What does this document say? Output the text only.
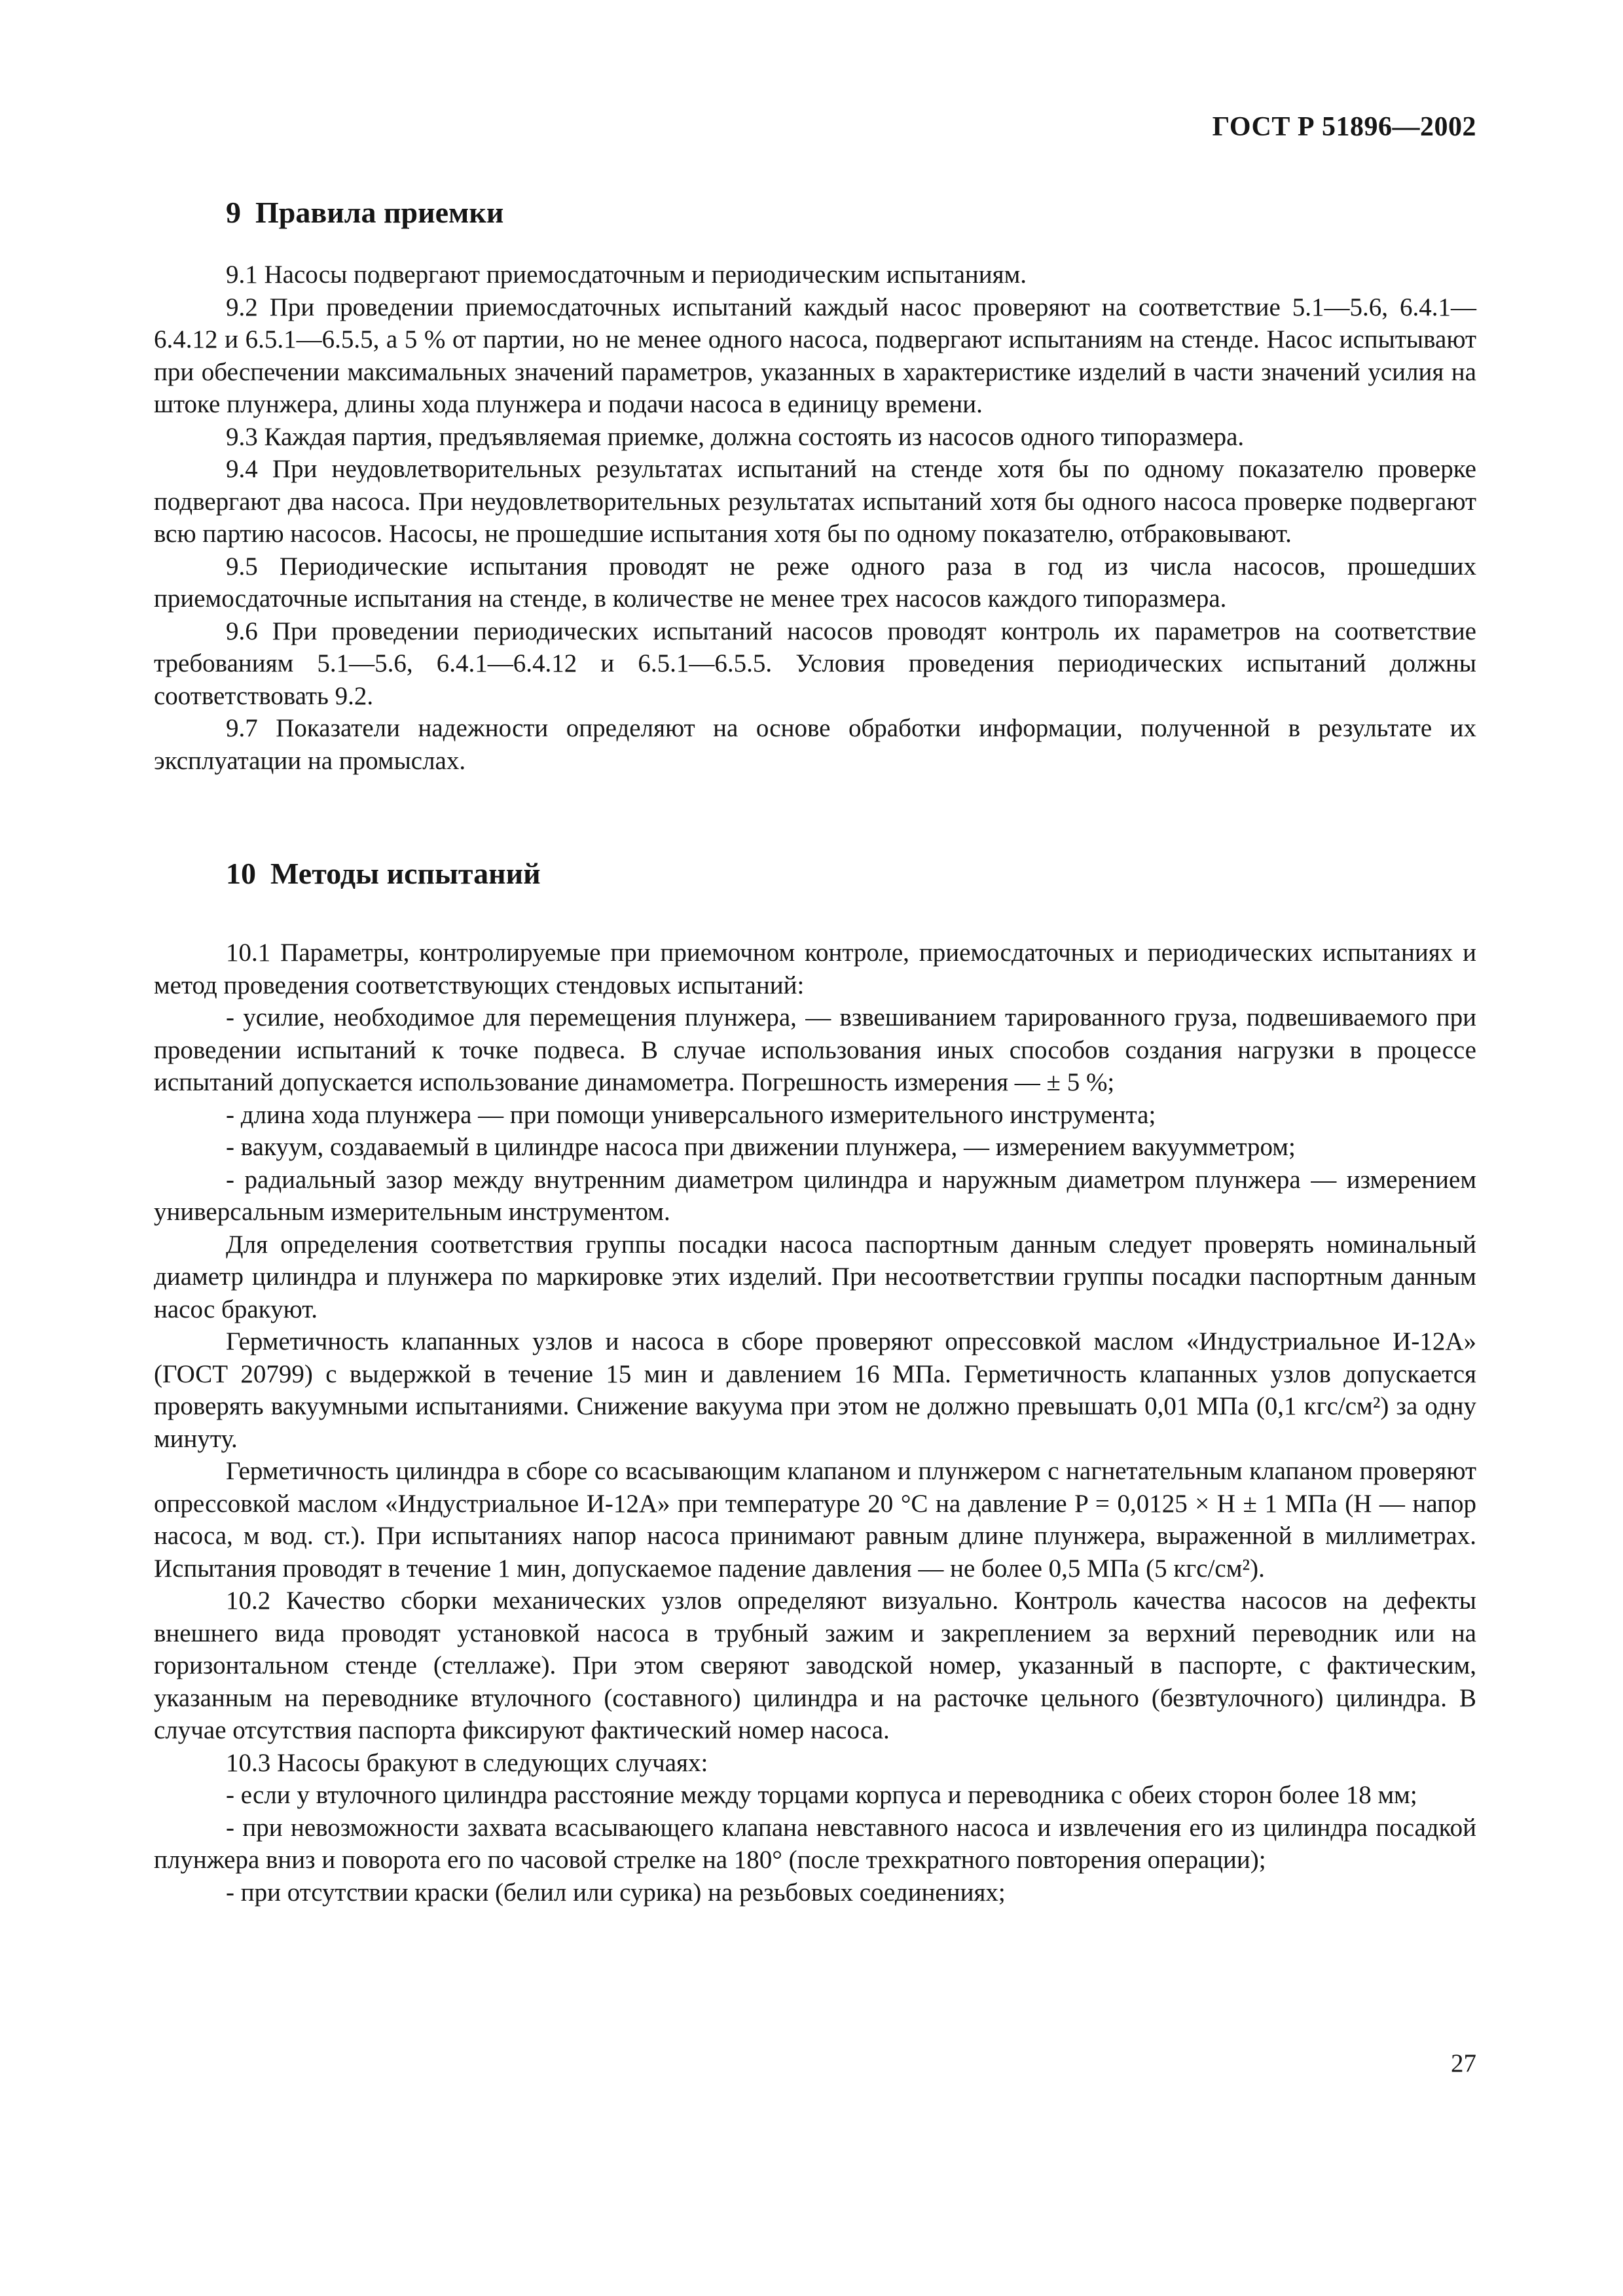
ГОСТ Р 51896—2002
9 Правила приемки

9.1 Насосы подвергают приемосдаточным и периодическим испытаниям.

9.2 При проведении приемосдаточных испытаний каждый насос проверяют на соответствие 5.1—5.6, 6.4.1—6.4.12 и 6.5.1—6.5.5, а 5 % от партии, но не менее одного насоса, подвергают испытаниям на стенде. Насос испытывают при обеспечении максимальных значений параметров, указанных в характеристике изделий в части значений усилия на штоке плунжера, длины хода плунжера и подачи насоса в единицу времени.

9.3 Каждая партия, предъявляемая приемке, должна состоять из насосов одного типоразмера.

9.4 При неудовлетворительных результатах испытаний на стенде хотя бы по одному показателю проверке подвергают два насоса. При неудовлетворительных результатах испытаний хотя бы одного насоса проверке подвергают всю партию насосов. Насосы, не прошедшие испытания хотя бы по одному показателю, отбраковывают.

9.5 Периодические испытания проводят не реже одного раза в год из числа насосов, прошедших приемосдаточные испытания на стенде, в количестве не менее трех насосов каждого типоразмера.

9.6 При проведении периодических испытаний насосов проводят контроль их параметров на соответствие требованиям 5.1—5.6, 6.4.1—6.4.12 и 6.5.1—6.5.5. Условия проведения периодических испытаний должны соответствовать 9.2.

9.7 Показатели надежности определяют на основе обработки информации, полученной в результате их эксплуатации на промыслах.

10 Методы испытаний

10.1 Параметры, контролируемые при приемочном контроле, приемосдаточных и периодических испытаниях и метод проведения соответствующих стендовых испытаний:

- усилие, необходимое для перемещения плунжера, — взвешиванием тарированного груза, подвешиваемого при проведении испытаний к точке подвеса. В случае использования иных способов создания нагрузки в процессе испытаний допускается использование динамометра. Погрешность измерения — ± 5 %;

- длина хода плунжера — при помощи универсального измерительного инструмента;

- вакуум, создаваемый в цилиндре насоса при движении плунжера, — измерением вакуумметром;

- радиальный зазор между внутренним диаметром цилиндра и наружным диаметром плунжера — измерением универсальным измерительным инструментом.

Для определения соответствия группы посадки насоса паспортным данным следует проверять номинальный диаметр цилиндра и плунжера по маркировке этих изделий. При несоответствии группы посадки паспортным данным насос бракуют.

Герметичность клапанных узлов и насоса в сборе проверяют опрессовкой маслом «Индустриальное И-12А» (ГОСТ 20799) с выдержкой в течение 15 мин и давлением 16 МПа. Герметичность клапанных узлов допускается проверять вакуумными испытаниями. Снижение вакуума при этом не должно превышать 0,01 МПа (0,1 кгс/см²) за одну минуту.

Герметичность цилиндра в сборе со всасывающим клапаном и плунжером с нагнетательным клапаном проверяют опрессовкой маслом «Индустриальное И-12А» при температуре 20 °С на давление P = 0,0125 × H ± 1 МПа (H — напор насоса, м вод. ст.). При испытаниях напор насоса принимают равным длине плунжера, выраженной в миллиметрах. Испытания проводят в течение 1 мин, допускаемое падение давления — не более 0,5 МПа (5 кгс/см²).

10.2 Качество сборки механических узлов определяют визуально. Контроль качества насосов на дефекты внешнего вида проводят установкой насоса в трубный зажим и закреплением за верхний переводник или на горизонтальном стенде (стеллаже). При этом сверяют заводской номер, указанный в паспорте, с фактическим, указанным на переводнике втулочного (составного) цилиндра и на расточке цельного (безвтулочного) цилиндра. В случае отсутствия паспорта фиксируют фактический номер насоса.

10.3 Насосы бракуют в следующих случаях:

- если у втулочного цилиндра расстояние между торцами корпуса и переводника с обеих сторон более 18 мм;

- при невозможности захвата всасывающего клапана невставного насоса и извлечения его из цилиндра посадкой плунжера вниз и поворота его по часовой стрелке на 180° (после трехкратного повторения операции);

- при отсутствии краски (белил или сурика) на резьбовых соединениях;

27
